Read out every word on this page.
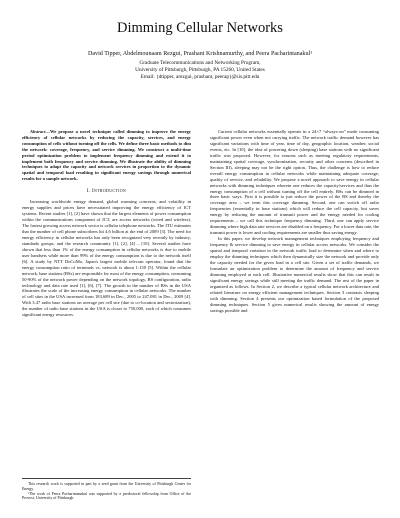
Dimming Cellular Networks
David Tipper, Abdelmounaam Rezgui, Prashant Krishnamurthy, and Peera Pacharintanakul¹
Graduate Telecommunications and Networking Program,
University of Pittsburgh, Pittsburgh, PA 15260, United States
Email: {dtipper, arezgui, prashant, peerap}@sis.pitt.edu

Abstract—We propose a novel technique called dimming to improve the energy efficiency of cellular networks by reducing the capacity, services, and energy consumption of cells without turning off the cells. We define three basic methods to dim the network: coverage, frequency, and service dimming. We construct a multi-time period optimization problem to implement frequency dimming and extend it to implement both frequency and service dimming. We illustrate the ability of dimming techniques to adapt the capacity and network services in proportion to the dynamic spatial and temporal load resulting in significant energy savings through numerical results for a sample network.

I. Introduction

Increasing worldwide energy demand, global warming concerns, and volatility in energy supplies and prices have necessitated improving the energy efficiency of ICT systems. Recent studies [1], [2] have shown that the largest elements of power consumption within the communications component of ICT, are access networks (wired and wireless). The fastest growing access network sector is cellular telephone networks. The ITU estimates that the number of cell phone subscribers hit 4.6 billion at the end of 2009 [3]. The need for energy efficiency in cellular networks has only been recognized very recently by industry, standards groups, and the research community [1], [2], [4] – [10]. Several studies have shown that less than 1% of the energy consumption in cellular networks is due to mobile user handsets while more than 99% of the energy consumption is due to the network itself [6]. A study by NTT DoCoMo, Japan's largest mobile telecom operator, found that the energy consumption ratio of terminals vs. network is about 1:150 [5]. Within the cellular network, base stations (BSs) are responsible for most of the energy consumption, consuming 50-90% of the network power depending on the network topology, BS configuration, radio technology and data rate used [1], [6], [7]. The growth in the number of BSs in the USA illustrates the scale of the increasing energy consumption in cellular networks. The number of cell sites in the USA increased from 183,689 in Dec., 2005 to 247,081 in Dec., 2009 [4]. With 3.47 radio base stations on average per cell site (due to co-location and sectorization), the number of radio base stations in the USA is closer to 750,000, each of which consumes significant energy resources.

This research work is supported in part by a seed grant from the University of Pittsburgh Center for Energy.
¹The work of Peera Pacharintanakul was supported by a predoctoral fellowship from Office of the Provost, University of Pittsburgh.

Current cellular networks essentially operate in a 24×7 “always-on” mode consuming significant power even when not carrying traffic. The network traffic demand however has significant variations with time of year, time of day, geographic location, weather, social events, etc. In [10], the idea of powering down (sleeping) base stations with no significant traffic was proposed. However, for reasons such as meeting regulatory requirements, maintaining spatial coverage, synchronization, security and other concerns (described in Section III), sleeping may not be the right option. Thus, the challenge is how to reduce overall energy consumption in cellular networks while maintaining adequate coverage, quality of service, and reliability. We propose a novel approach to save energy in cellular networks with dimming techniques wherein one reduces the capacity/services and thus the energy consumption of a cell without turning off the cell entirely. BSs can be dimmed in three basic ways. First it is possible to just reduce the power of the BS and thereby the coverage area – we term this coverage dimming. Second, one can switch off radio frequencies (essentially in base stations) which will reduce the cell capacity, but saves energy by reducing the amount of transmit power and the energy needed for cooling requirements – we call this technique frequency dimming. Third, one can apply service dimming where high data rate services are disabled on a frequency. For a lower data rate, the transmit power is lower and cooling requirements are smaller thus saving energy.

In this paper, we develop network management techniques employing frequency and frequency & service dimming to save energy in cellular access networks. We consider the spatial and temporal variation in the network traffic load to determine when and where to employ the dimming techniques which then dynamically size the network and provide only the capacity needed for the given load in a cell site. Given a set of traffic demands, we formulate an optimization problem to determine the amount of frequency and service dimming employed at each cell. Illustrative numerical results show that this can result in significant energy savings while still meeting the traffic demand. The rest of the paper in organized as follows. In Section 2, we describe a typical cellular network architecture and related literature on energy efficient management techniques. Section 3 contrasts sleeping with dimming. Section 4 presents our optimization based formulation of the proposed dimming techniques. Section 5 gives numerical results showing the amount of energy savings possible and
